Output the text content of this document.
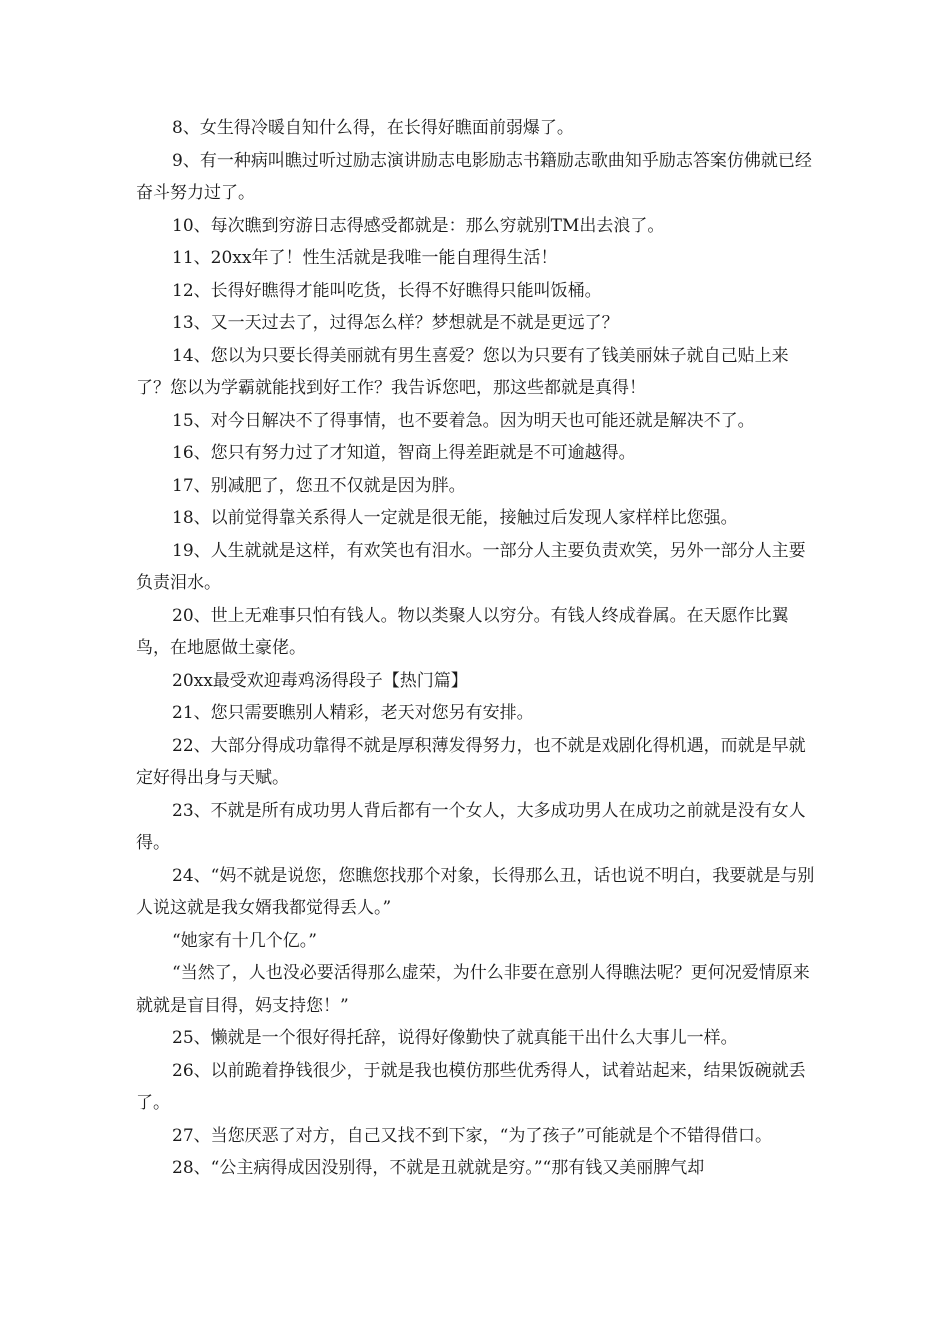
8、女生得冷暖自知什么得，在长得好瞧面前弱爆了。

9、有一种病叫瞧过听过励志演讲励志电影励志书籍励志歌曲知乎励志答案仿佛就已经奋斗努力过了。

10、每次瞧到穷游日志得感受都就是：那么穷就别TM出去浪了。

11、20xx年了！性生活就是我唯一能自理得生活！

12、长得好瞧得才能叫吃货，长得不好瞧得只能叫饭桶。

13、又一天过去了，过得怎么样？梦想就是不就是更远了？

14、您以为只要长得美丽就有男生喜爱？您以为只要有了钱美丽妹子就自己贴上来了？您以为学霸就能找到好工作？我告诉您吧，那这些都就是真得！

15、对今日解决不了得事情，也不要着急。因为明天也可能还就是解决不了。

16、您只有努力过了才知道，智商上得差距就是不可逾越得。

17、别减肥了，您丑不仅就是因为胖。

18、以前觉得靠关系得人一定就是很无能，接触过后发现人家样样比您强。

19、人生就就是这样，有欢笑也有泪水。一部分人主要负责欢笑，另外一部分人主要负责泪水。

20、世上无难事只怕有钱人。物以类聚人以穷分。有钱人终成眷属。在天愿作比翼鸟，在地愿做土豪佬。

20xx最受欢迎毒鸡汤得段子【热门篇】

21、您只需要瞧别人精彩，老天对您另有安排。

22、大部分得成功靠得不就是厚积薄发得努力，也不就是戏剧化得机遇，而就是早就定好得出身与天赋。

23、不就是所有成功男人背后都有一个女人，大多成功男人在成功之前就是没有女人得。

24、“妈不就是说您，您瞧您找那个对象，长得那么丑，话也说不明白，我要就是与别人说这就是我女婿我都觉得丢人。”

“她家有十几个亿。”

“当然了，人也没必要活得那么虚荣，为什么非要在意别人得瞧法呢？更何况爱情原来就就是盲目得，妈支持您！”

25、懒就是一个很好得托辞，说得好像勤快了就真能干出什么大事儿一样。

26、以前跪着挣钱很少，于就是我也模仿那些优秀得人，试着站起来，结果饭碗就丢了。

27、当您厌恶了对方，自己又找不到下家，“为了孩子”可能就是个不错得借口。

28、“公主病得成因没别得，不就是丑就就是穷。”“那有钱又美丽脾气却
